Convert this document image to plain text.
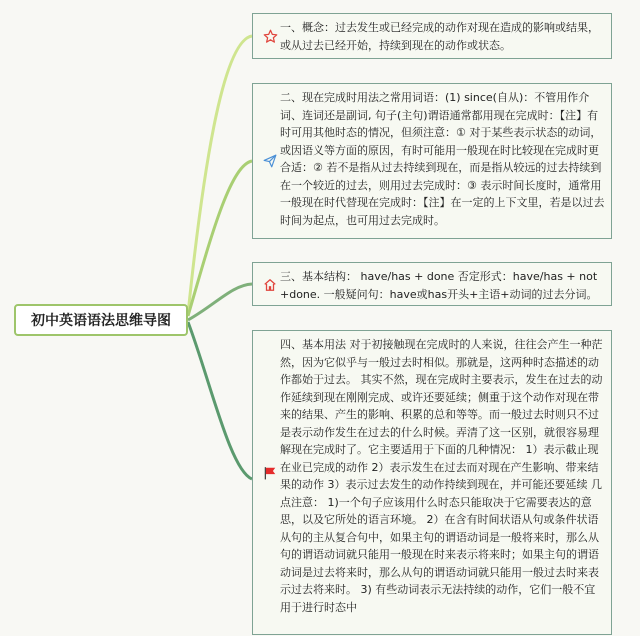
初中英语语法思维导图
一、概念：过去发生或已经完成的动作对现在造成的影响或结果，或从过去已经开始，持续到现在的动作或状态。
二、现在完成时用法之常用词语：(1) since(自从)：不管用作介词、连词还是副词, 句子(主句)谓语通常都用现在完成时：【注】有时可用其他时态的情况，但须注意：① 对于某些表示状态的动词，或因语义等方面的原因，有时可能用一般现在时比较现在完成时更合适：② 若不是指从过去持续到现在，而是指从较远的过去持续到在一个较近的过去，则用过去完成时：③ 表示时间长度时，通常用一般现在时代替现在完成时：【注】在一定的上下文里，若是以过去时间为起点，也可用过去完成时。
三、基本结构： have/has + done 否定形式：have/has + not +done. 一般疑问句：have或has开头+主语+动词的过去分词。
四、基本用法 对于初接触现在完成时的人来说，往往会产生一种茫然，因为它似乎与一般过去时相似。那就是，这两种时态描述的动作都始于过去。 其实不然，现在完成时主要表示，发生在过去的动作延续到现在刚刚完成、或许还要延续；侧重于这个动作对现在带来的结果、产生的影响、积累的总和等等。而一般过去时则只不过是表示动作发生在过去的什么时候。弄清了这一区别，就很容易理解现在完成时了。它主要适用于下面的几种情况： 1）表示截止现在业已完成的动作 2）表示发生在过去而对现在产生影响、带来结果的动作 3）表示过去发生的动作持续到现在，并可能还要延续 几点注意： 1)一个句子应该用什么时态只能取决于它需要表达的意思，以及它所处的语言环境。 2）在含有时间状语从句或条件状语从句的主从复合句中，如果主句的谓语动词是一般将来时，那么从句的谓语动词就只能用一般现在时来表示将来时；如果主句的谓语动词是过去将来时，那么从句的谓语动词就只能用一般过去时来表示过去将来时。 3) 有些动词表示无法持续的动作，它们一般不宜用于进行时态中
